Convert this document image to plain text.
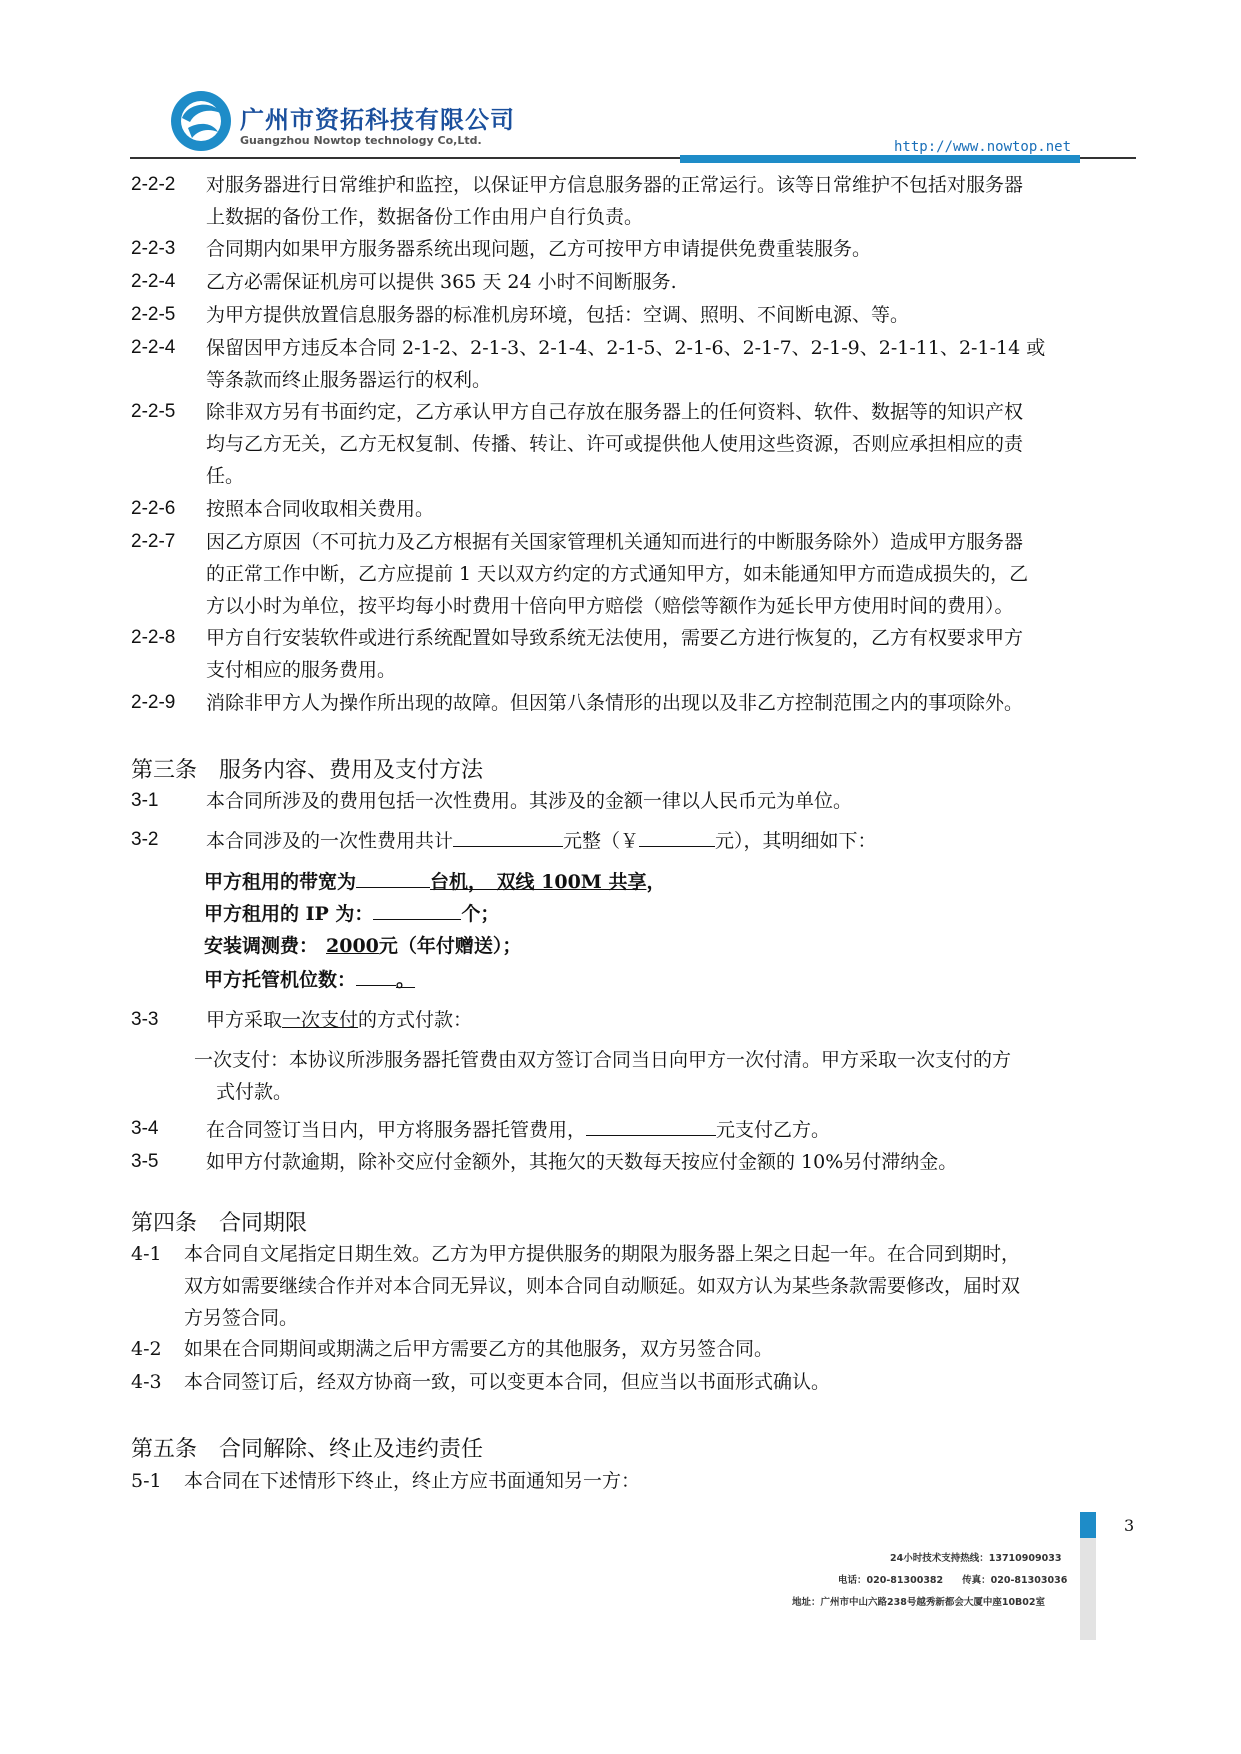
广州市资拓科技有限公司
Guangzhou Nowtop technology Co,Ltd.	http://www.nowtop.net
2-2-2 对服务器进行日常维护和监控，以保证甲方信息服务器的正常运行。该等日常维护不包括对服务器
上数据的备份工作，数据备份工作由用户自行负责。
2-2-3 合同期内如果甲方服务器系统出现问题，乙方可按甲方申请提供免费重装服务。
2-2-4 乙方必需保证机房可以提供 365 天 24 小时不间断服务.
2-2-5 为甲方提供放置信息服务器的标准机房环境，包括：空调、照明、不间断电源、等。
2-2-4 保留因甲方违反本合同 2-1-2、2-1-3、2-1-4、2-1-5、2-1-6、2-1-7、2-1-9、2-1-11、2-1-14 或
等条款而终止服务器运行的权利。
2-2-5 除非双方另有书面约定，乙方承认甲方自己存放在服务器上的任何资料、软件、数据等的知识产权
均与乙方无关，乙方无权复制、传播、转让、许可或提供他人使用这些资源，否则应承担相应的责
任。
2-2-6 按照本合同收取相关费用。
2-2-7 因乙方原因（不可抗力及乙方根据有关国家管理机关通知而进行的中断服务除外）造成甲方服务器
的正常工作中断，乙方应提前 1 天以双方约定的方式通知甲方，如未能通知甲方而造成损失的，乙
方以小时为单位，按平均每小时费用十倍向甲方赔偿（赔偿等额作为延长甲方使用时间的费用）。
2-2-8 甲方自行安装软件或进行系统配置如导致系统无法使用，需要乙方进行恢复的，乙方有权要求甲方
支付相应的服务费用。
2-2-9 消除非甲方人为操作所出现的故障。但因第八条情形的出现以及非乙方控制范围之内的事项除外。
第三条　服务内容、费用及支付方法
3-1	本合同所涉及的费用包括一次性费用。其涉及的金额一律以人民币元为单位。
3-2	本合同涉及的一次性费用共计	元整（￥	元），其明细如下：
甲方租用的带宽为	台机，　双线 100M 共享，
甲方租用的 IP 为：	个；
安装调测费： 2000元（年付赠送）；
甲方托管机位数： 。
3-3	甲方采取一次支付的方式付款：
一次支付：本协议所涉服务器托管费由双方签订合同当日向甲方一次付清。甲方采取一次支付的方
式付款。
3-4	在合同签订当日内，甲方将服务器托管费用，	元支付乙方。
3-5	如甲方付款逾期，除补交应付金额外，其拖欠的天数每天按应付金额的 10%另付滞纳金。
第四条　合同期限
4-1 本合同自文尾指定日期生效。乙方为甲方提供服务的期限为服务器上架之日起一年。在合同到期时，
双方如需要继续合作并对本合同无异议，则本合同自动顺延。如双方认为某些条款需要修改，届时双
方另签合同。
4-2 如果在合同期间或期满之后甲方需要乙方的其他服务，双方另签合同。
4-3 本合同签订后，经双方协商一致，可以变更本合同，但应当以书面形式确认。
第五条　合同解除、终止及违约责任
5-1 本合同在下述情形下终止，终止方应书面通知另一方：
3
24小时技术支持热线：13710909033
电话：020-81300382　　传真：020-81303036
地址：广州市中山六路238号越秀新都会大厦中座10B02室
